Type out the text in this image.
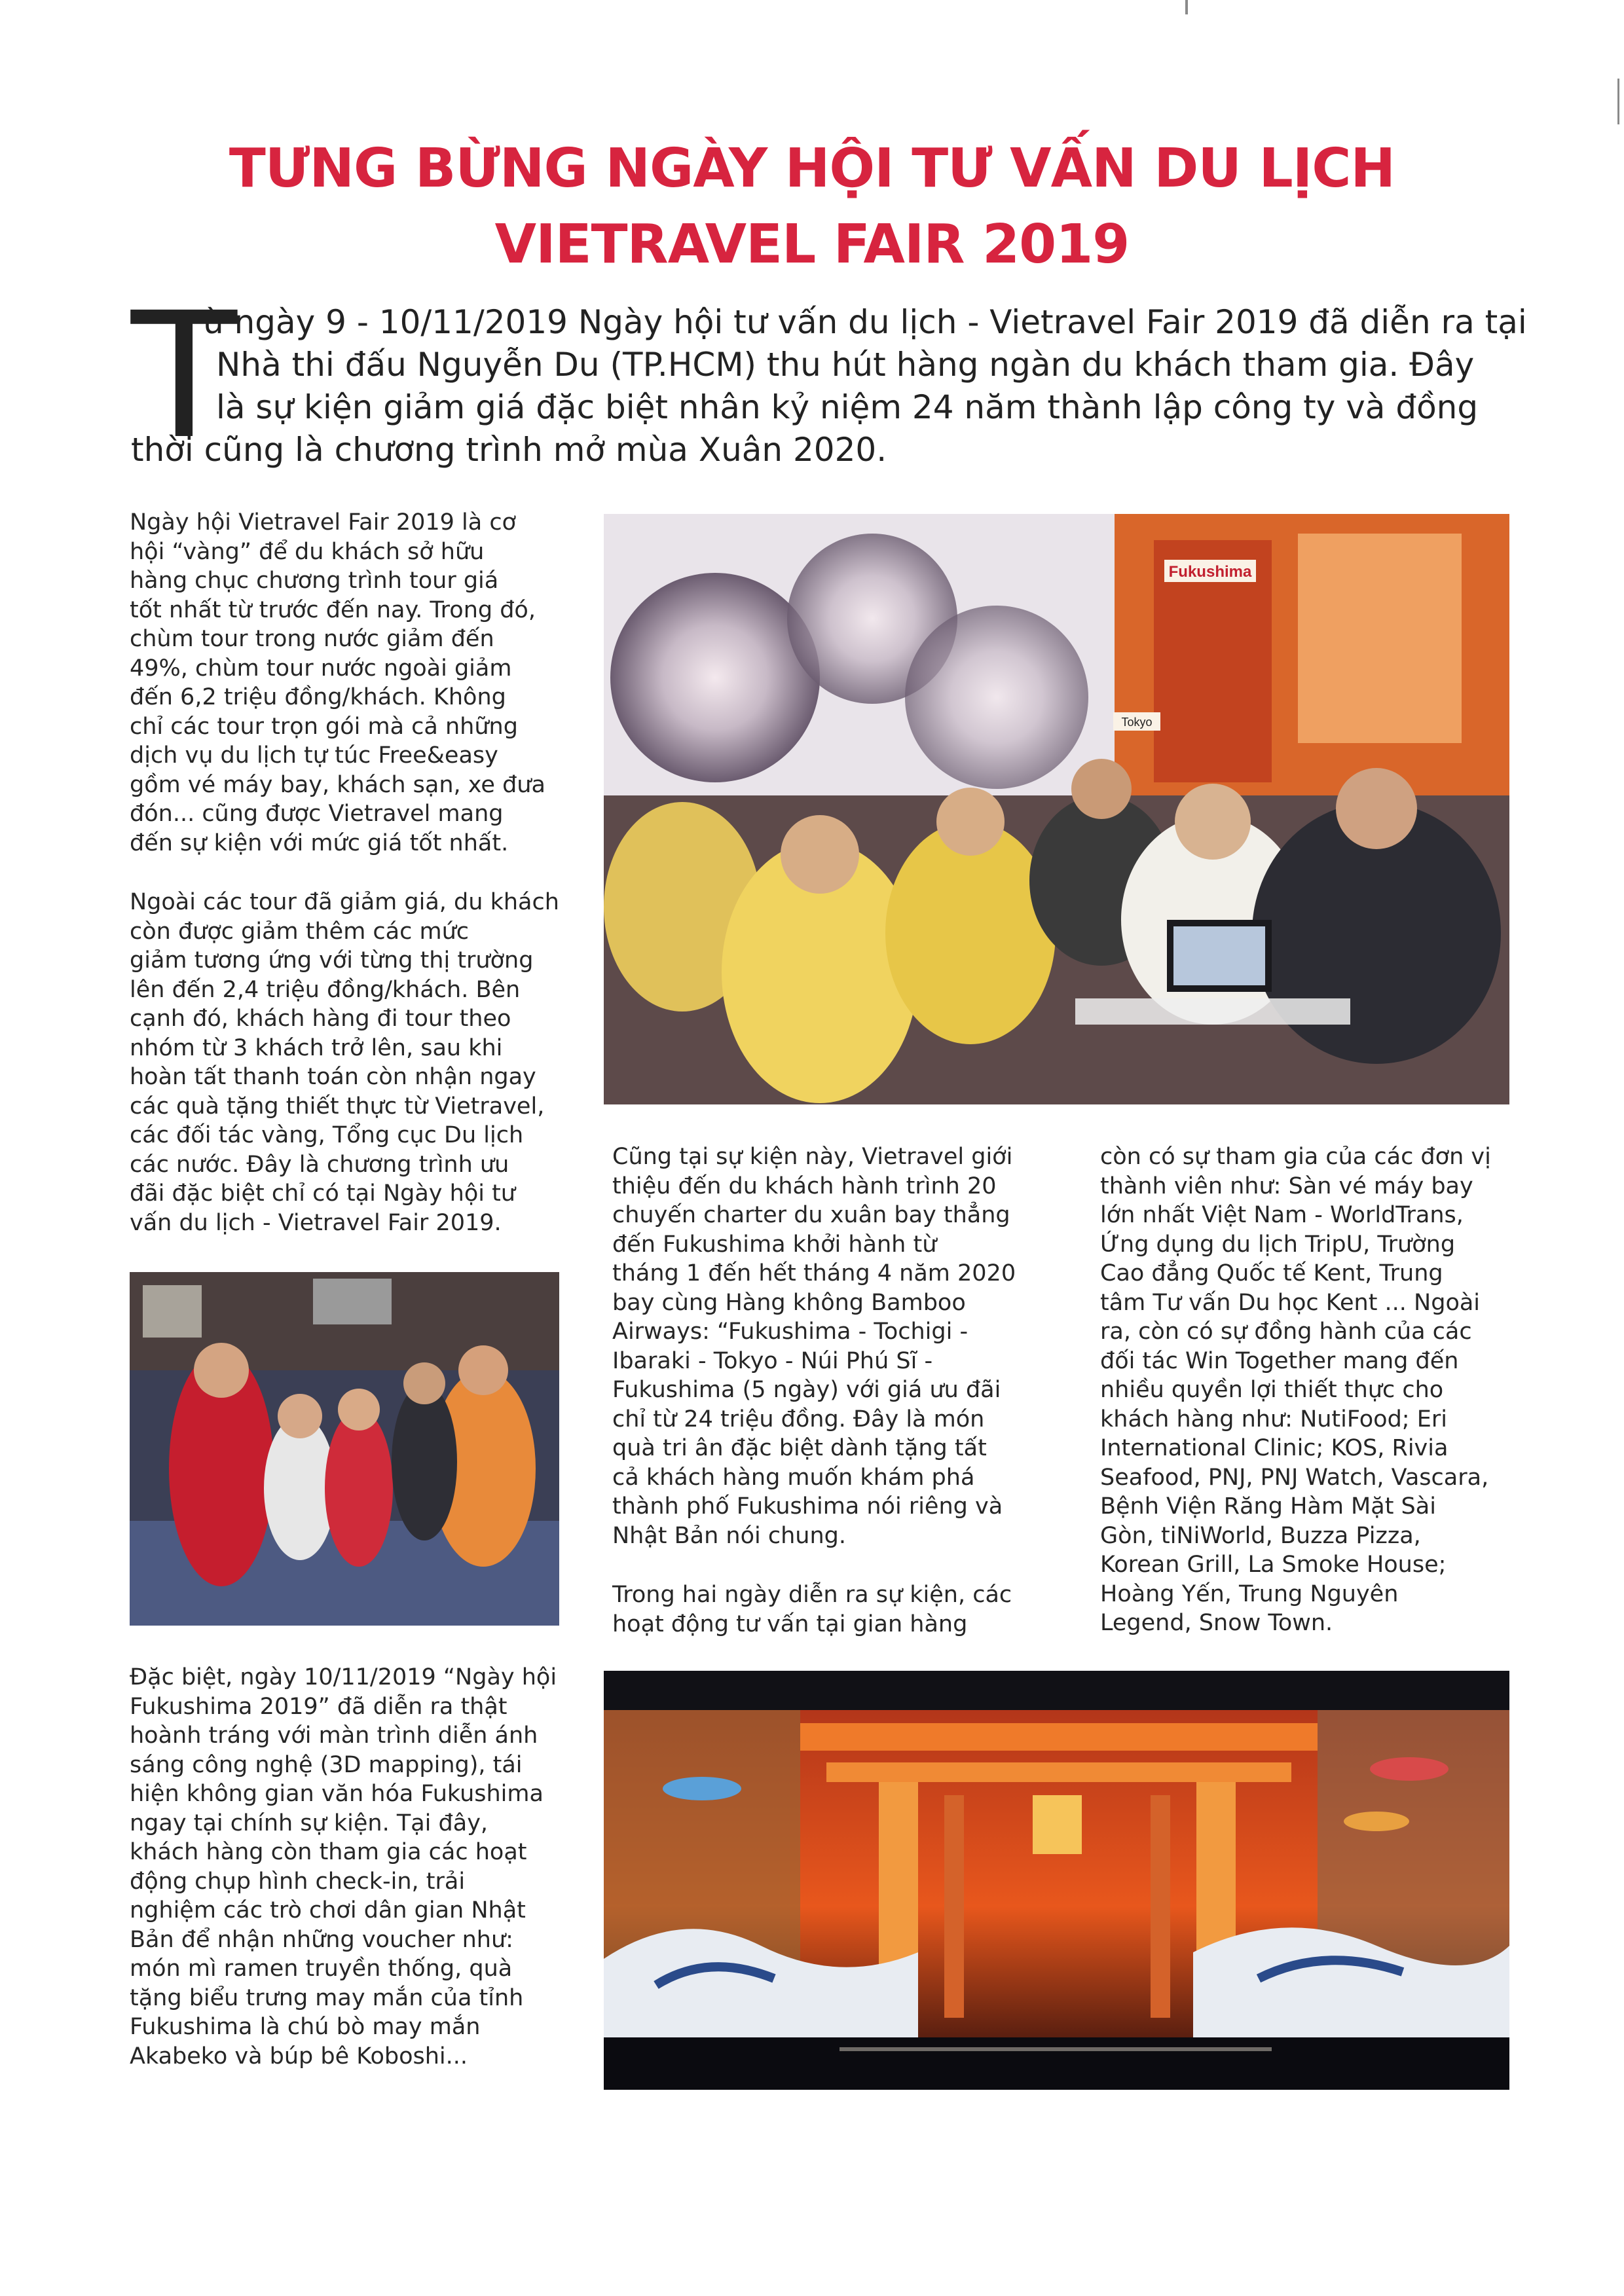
TƯNG BỪNG NGÀY HỘI TƯ VẤN DU LỊCH
VIETRAVEL FAIR 2019
T
ừ ngày 9 - 10/11/2019 Ngày hội tư vấn du lịch - Vietravel Fair 2019 đã diễn ra tại
Nhà thi đấu Nguyễn Du (TP.HCM) thu hút hàng ngàn du khách tham gia. Đây
là sự kiện giảm giá đặc biệt nhân kỷ niệm 24 năm thành lập công ty và đồng
thời cũng là chương trình mở mùa Xuân 2020.
Ngày hội Vietravel Fair 2019 là cơ
hội “vàng” để du khách sở hữu
hàng chục chương trình tour giá
tốt nhất từ trước đến nay. Trong đó,
chùm tour trong nước giảm đến
49%, chùm tour nước ngoài giảm
đến 6,2 triệu đồng/khách. Không
chỉ các tour trọn gói mà cả những
dịch vụ du lịch tự túc Free&easy
gồm vé máy bay, khách sạn, xe đưa
đón... cũng được Vietravel mang
đến sự kiện với mức giá tốt nhất.
Ngoài các tour đã giảm giá, du khách
còn được giảm thêm các mức
giảm tương ứng với từng thị trường
lên đến 2,4 triệu đồng/khách. Bên
cạnh đó, khách hàng đi tour theo
nhóm từ 3 khách trở lên, sau khi
hoàn tất thanh toán còn nhận ngay
các quà tặng thiết thực từ Vietravel,
các đối tác vàng, Tổng cục Du lịch
các nước. Đây là chương trình ưu
đãi đặc biệt chỉ có tại Ngày hội tư
vấn du lịch - Vietravel Fair 2019.
Fukushima
Tokyo
Cũng tại sự kiện này, Vietravel giới
thiệu đến du khách hành trình 20
chuyến charter du xuân bay thẳng
đến Fukushima khởi hành từ
tháng 1 đến hết tháng 4 năm 2020
bay cùng Hàng không Bamboo
Airways: “Fukushima - Tochigi -
Ibaraki - Tokyo - Núi Phú Sĩ -
Fukushima (5 ngày) với giá ưu đãi
chỉ từ 24 triệu đồng. Đây là món
quà tri ân đặc biệt dành tặng tất
cả khách hàng muốn khám phá
thành phố Fukushima nói riêng và
Nhật Bản nói chung.
Trong hai ngày diễn ra sự kiện, các
hoạt động tư vấn tại gian hàng
còn có sự tham gia của các đơn vị
thành viên như: Sàn vé máy bay
lớn nhất Việt Nam - WorldTrans,
Ứng dụng du lịch TripU, Trường
Cao đẳng Quốc tế Kent, Trung
tâm Tư vấn Du học Kent ... Ngoài
ra, còn có sự đồng hành của các
đối tác Win Together mang đến
nhiều quyền lợi thiết thực cho
khách hàng như: NutiFood; Eri
International Clinic; KOS, Rivia
Seafood, PNJ, PNJ Watch, Vascara,
Bệnh Viện Răng Hàm Mặt Sài
Gòn, tiNiWorld, Buzza Pizza,
Korean Grill, La Smoke House;
Hoàng Yến, Trung Nguyên
Legend, Snow Town.
Đặc biệt, ngày 10/11/2019 “Ngày hội
Fukushima 2019” đã diễn ra thật
hoành tráng với màn trình diễn ánh
sáng công nghệ (3D mapping), tái
hiện không gian văn hóa Fukushima
ngay tại chính sự kiện. Tại đây,
khách hàng còn tham gia các hoạt
động chụp hình check-in, trải
nghiệm các trò chơi dân gian Nhật
Bản để nhận những voucher như:
món mì ramen truyền thống, quà
tặng biểu trưng may mắn của tỉnh
Fukushima là chú bò may mắn
Akabeko và búp bê Koboshi...
